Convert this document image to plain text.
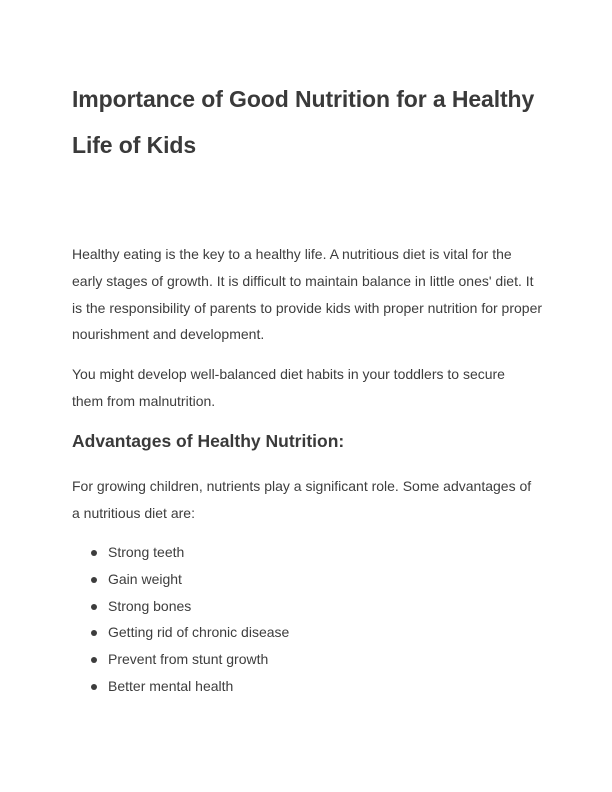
Importance of Good Nutrition for a Healthy Life of Kids

Healthy eating is the key to a healthy life. A nutritious diet is vital for the early stages of growth. It is difficult to maintain balance in little ones' diet. It is the responsibility of parents to provide kids with proper nutrition for proper nourishment and development.

You might develop well-balanced diet habits in your toddlers to secure them from malnutrition.

Advantages of Healthy Nutrition:

For growing children, nutrients play a significant role. Some advantages of a nutritious diet are:

Strong teeth
Gain weight
Strong bones
Getting rid of chronic disease
Prevent from stunt growth
Better mental health
